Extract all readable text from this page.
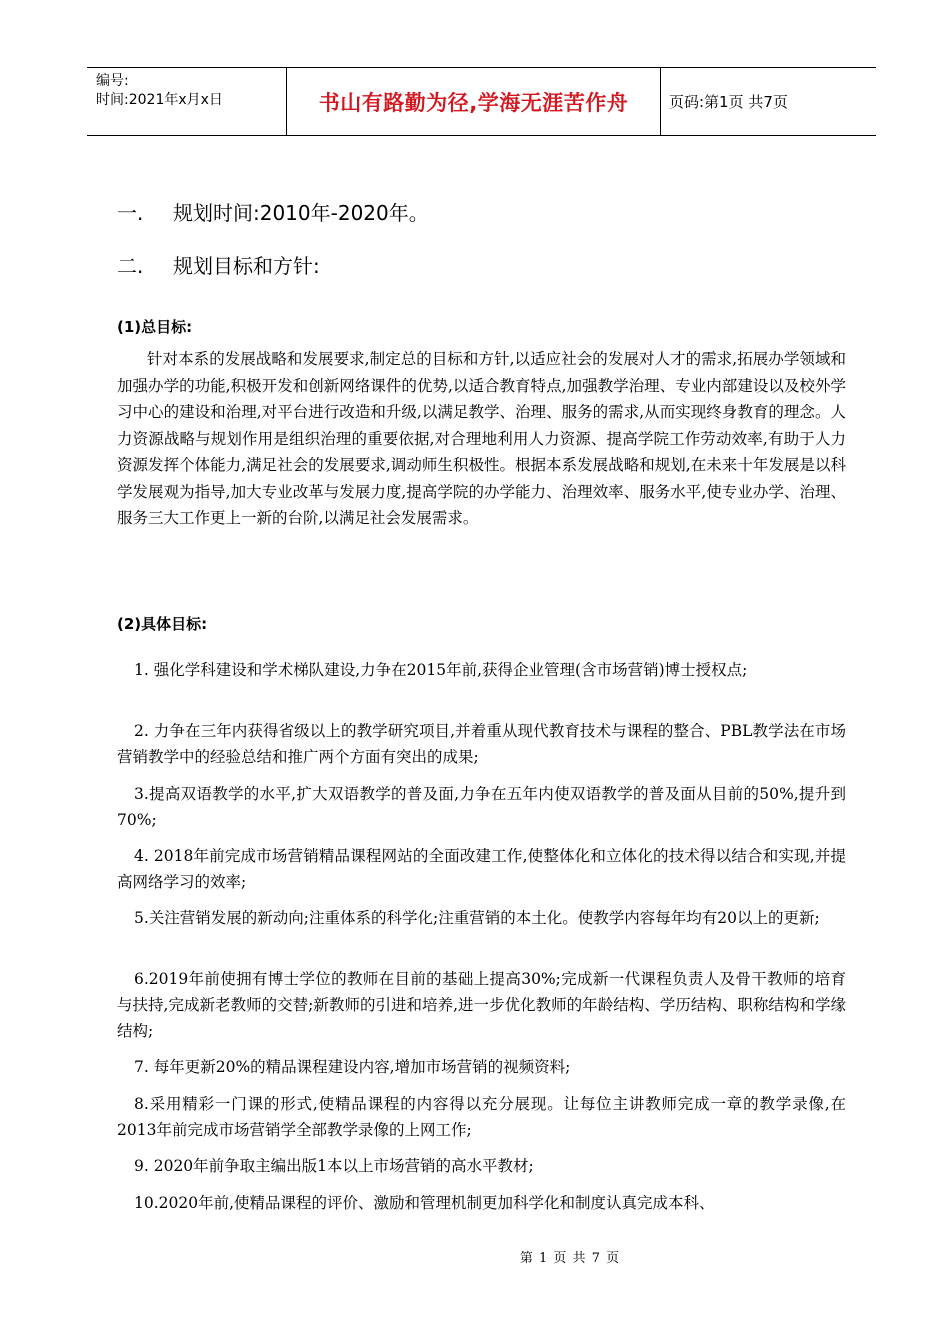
编号:
时间:2021年x月x日	书山有路勤为径,学海无涯苦作舟	页码:第1页 共7页
一. 规划时间:2010年-2020年。
二. 规划目标和方针:
(1)总目标:

针对本系的发展战略和发展要求,制定总的目标和方针,以适应社会的发展对人才的需求,拓展办学领域和加强办学的功能,积极开发和创新网络课件的优势,以适合教育特点,加强教学治理、专业内部建设以及校外学习中心的建设和治理,对平台进行改造和升级,以满足教学、治理、服务的需求,从而实现终身教育的理念。人力资源战略与规划作用是组织治理的重要依据,对合理地利用人力资源、提高学院工作劳动效率,有助于人力资源发挥个体能力,满足社会的发展要求,调动师生积极性。根据本系发展战略和规划,在未来十年发展是以科学发展观为指导,加大专业改革与发展力度,提高学院的办学能力、治理效率、服务水平,使专业办学、治理、服务三大工作更上一新的台阶,以满足社会发展需求。

(2)具体目标:

1. 强化学科建设和学术梯队建设,力争在2015年前,获得企业管理(含市场营销)博士授权点;

2. 力争在三年内获得省级以上的教学研究项目,并着重从现代教育技术与课程的整合、PBL教学法在市场营销教学中的经验总结和推广两个方面有突出的成果;

3.提高双语教学的水平,扩大双语教学的普及面,力争在五年内使双语教学的普及面从目前的50%,提升到70%;

4. 2018年前完成市场营销精品课程网站的全面改建工作,使整体化和立体化的技术得以结合和实现,并提高网络学习的效率;

5.关注营销发展的新动向;注重体系的科学化;注重营销的本土化。使教学内容每年均有20以上的更新;

6.2019年前使拥有博士学位的教师在目前的基础上提高30%;完成新一代课程负责人及骨干教师的培育与扶持,完成新老教师的交替;新教师的引进和培养,进一步优化教师的年龄结构、学历结构、职称结构和学缘结构;

7. 每年更新20%的精品课程建设内容,增加市场营销的视频资料;

8.采用精彩一门课的形式,使精品课程的内容得以充分展现。让每位主讲教师完成一章的教学录像,在2013年前完成市场营销学全部教学录像的上网工作;

9. 2020年前争取主编出版1本以上市场营销的高水平教材;

10.2020年前,使精品课程的评价、激励和管理机制更加科学化和制度认真完成本科、

第 1 页 共 7 页
